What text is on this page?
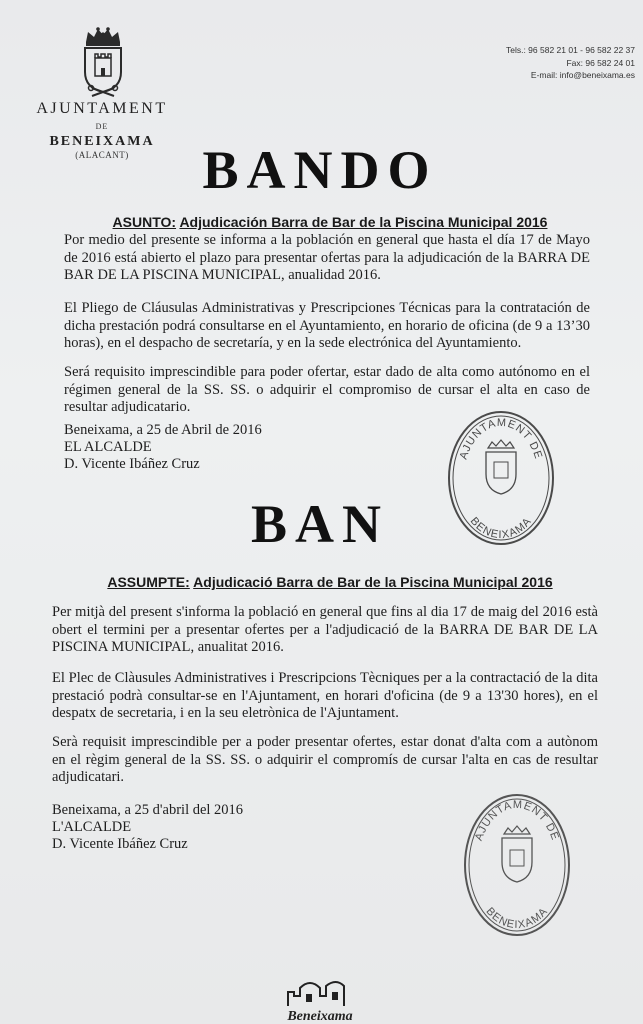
AJUNTAMENT
DE
BENEIXAMA
(ALACANT)
Tels.: 96 582 21 01 - 96 582 22 37
Fax: 96 582 24 01
E-mail: info@beneixama.es
BANDO
ASUNTO: Adjudicación Barra de Bar de la Piscina Municipal 2016

Por medio del presente se informa a la población en general que hasta el día 17 de Mayo de 2016 está abierto el plazo para presentar ofertas para la adjudicación de la BARRA DE BAR DE LA PISCINA MUNICIPAL, anualidad 2016.

El Pliego de Cláusulas Administrativas y Prescripciones Técnicas para la contratación de dicha prestación podrá consultarse en el Ayuntamiento, en horario de oficina (de 9 a 13’30 horas), en el despacho de secretaría, y en la sede electrónica del Ayuntamiento.

Será requisito imprescindible para poder ofertar, estar dado de alta como autónomo en el régimen general de la SS. SS. o adquirir el compromiso de cursar el alta en caso de resultar adjudicatario.

Beneixama, a 25 de Abril de 2016
EL ALCALDE
D. Vicente Ibáñez Cruz
AJUNTAMENT DE
BENEIXAMA
BAN
ASSUMPTE: Adjudicació Barra de Bar de la Piscina Municipal 2016

Per mitjà del present s'informa la població en general que fins al dia 17 de maig del 2016 està obert el termini per a presentar ofertes per a l'adjudicació de la BARRA DE BAR DE LA PISCINA MUNICIPAL, anualitat 2016.

El Plec de Clàusules Administratives i Prescripcions Tècniques per a la contractació de la dita prestació podrà consultar-se en l'Ajuntament, en horari d'oficina (de 9 a 13'30 hores), en el despatx de secretaria, i en la seu eletrònica de l'Ajuntament.

Serà requisit imprescindible per a poder presentar ofertes, estar donat d'alta com a autònom en el règim general de la SS. SS. o adquirir el compromís de cursar l'alta en cas de resultar adjudicatari.

Beneixama, a 25 d'abril del 2016
L'ALCALDE
D. Vicente Ibáñez Cruz	AJUNTAMENT DE
BENEIXAMA
Beneixama
